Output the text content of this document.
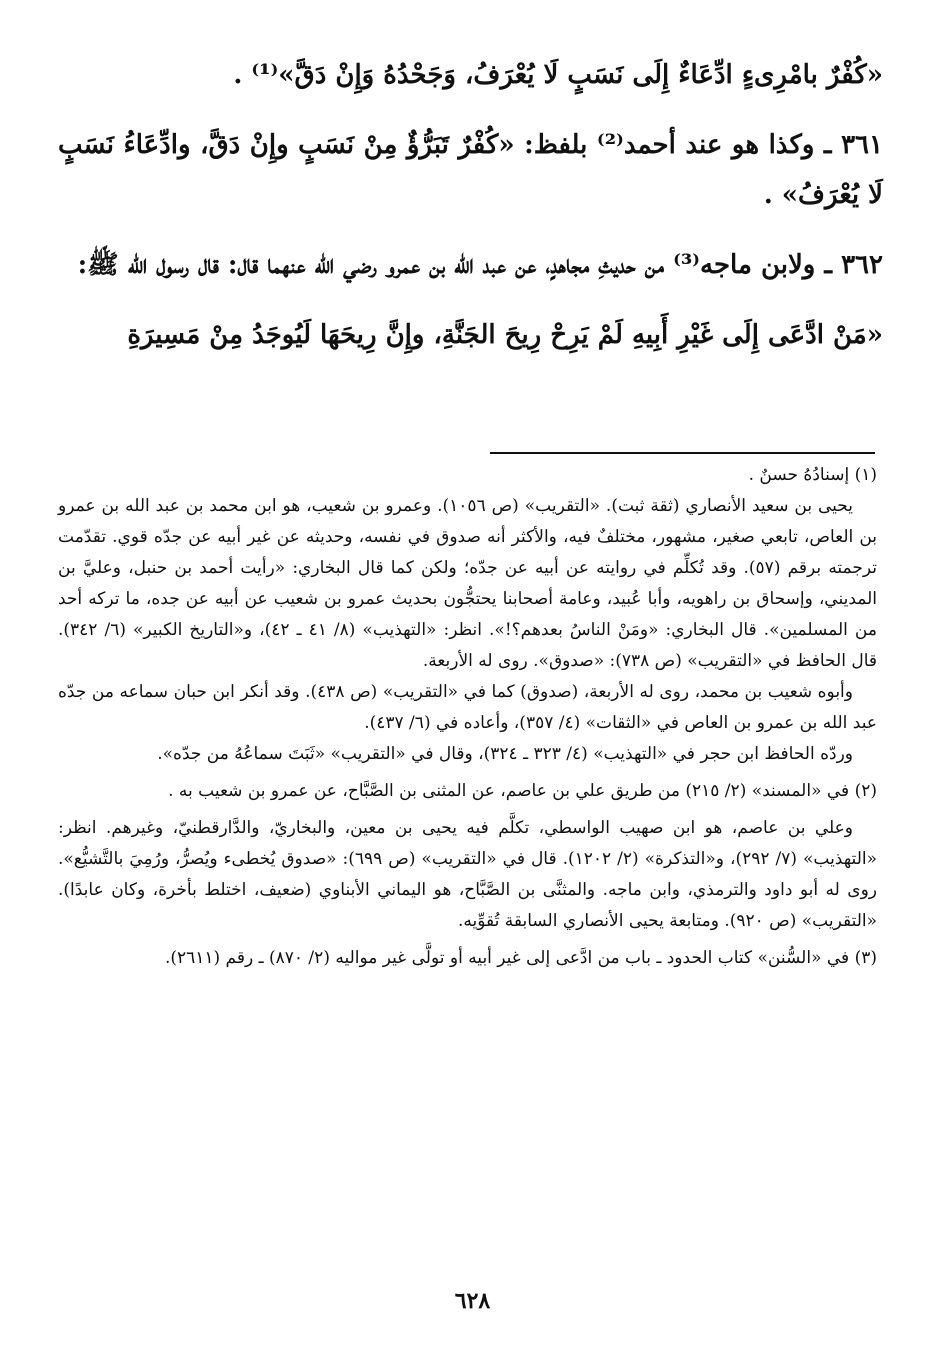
«كُفْرٌ بامْرِىءٍ ادِّعَاءٌ إِلَى نَسَبٍ لَا يُعْرَفُ، وَجَحْدُهُ وَإِنْ دَقَّ»⁽¹⁾ .

٣٦١ ـ وكذا هو عند أحمد⁽²⁾ بلفظ: «كُفْرٌ تَبَرُّؤٌ مِنْ نَسَبٍ وإِنْ دَقَّ، وادِّعَاءُ نَسَبٍ لَا يُعْرَفُ» .

٣٦٢ ـ ولابن ماجه⁽³⁾ من حديثِ مجاهدٍ، عن عبد الله بن عمرو رضي الله عنهما قال: قال رسول الله ﷺ:

«مَنْ ادَّعَى إِلَى غَيْرِ أَبِيهِ لَمْ يَرِحْ رِيحَ الجَنَّةِ، وإِنَّ رِيحَهَا لَيُوجَدُ مِنْ مَسِيرَةِ

(١) إسنادُهُ حسنٌ .

يحيى بن سعيد الأنصاري (ثقة ثبت). «التقريب» (ص ١٠٥٦). وعمرو بن شعيب، هو ابن محمد بن عبد الله بن عمرو بن العاص، تابعي صغير، مشهور، مختلفٌ فيه، والأكثر أنه صدوق في نفسه، وحديثه عن غير أبيه عن جدّه قوي. تقدّمت ترجمته برقم (٥٧). وقد تُكلِّم في روايته عن أبيه عن جدّه؛ ولكن كما قال البخاري: «رأيت أحمد بن حنبل، وعليَّ بن المديني، وإسحاق بن راهويه، وأبا عُبيد، وعامة أصحابنا يحتجُّون بحديث عمرو بن شعيب عن أبيه عن جده، ما تركه أحد من المسلمين». قال البخاري: «ومَنْ الناسُ بعدهم؟!». انظر: «التهذيب» (٨/ ٤١ ـ ٤٢)، و«التاريخ الكبير» (٦/ ٣٤٢). قال الحافظ في «التقريب» (ص ٧٣٨): «صدوق». روى له الأربعة.

وأبوه شعيب بن محمد، روى له الأربعة، (صدوق) كما في «التقريب» (ص ٤٣٨). وقد أنكر ابن حبان سماعه من جدّه عبد الله بن عمرو بن العاص في «الثقات» (٤/ ٣٥٧)، وأعاده في (٦/ ٤٣٧).

وردّه الحافظ ابن حجر في «التهذيب» (٤/ ٣٢٣ ـ ٣٢٤)، وقال في «التقريب» «ثَبَتَ سماعُهُ من جدّه».

(٢) في «المسند» (٢/ ٢١٥) من طريق علي بن عاصم، عن المثنى بن الصَّبَّاح، عن عمرو بن شعيب به .

وعلي بن عاصم، هو ابن صهيب الواسطي، تكلَّم فيه يحيى بن معين، والبخاريّ، والدَّارقطنيّ، وغيرهم. انظر: «التهذيب» (٧/ ٢٩٢)، و«التذكرة» (٢/ ١٢٠٢). قال في «التقريب» (ص ٦٩٩): «صدوق يُخطىء ويُصرُّ، ورُمِيَ بالتَّشيُّع». روى له أبو داود والترمذي، وابن ماجه. والمثنَّى بن الصَّبَّاح، هو اليماني الأبناوي (ضعيف، اختلط بأخرة، وكان عابدًا). «التقريب» (ص ٩٢٠). ومتابعة يحيى الأنصاري السابقة تُقوِّيه.

(٣) في «السُّنن» كتاب الحدود ـ باب من ادَّعى إلى غير أبيه أو تولَّى غير مواليه (٢/ ٨٧٠) ـ رقم (٢٦١١).

٦٢٨
